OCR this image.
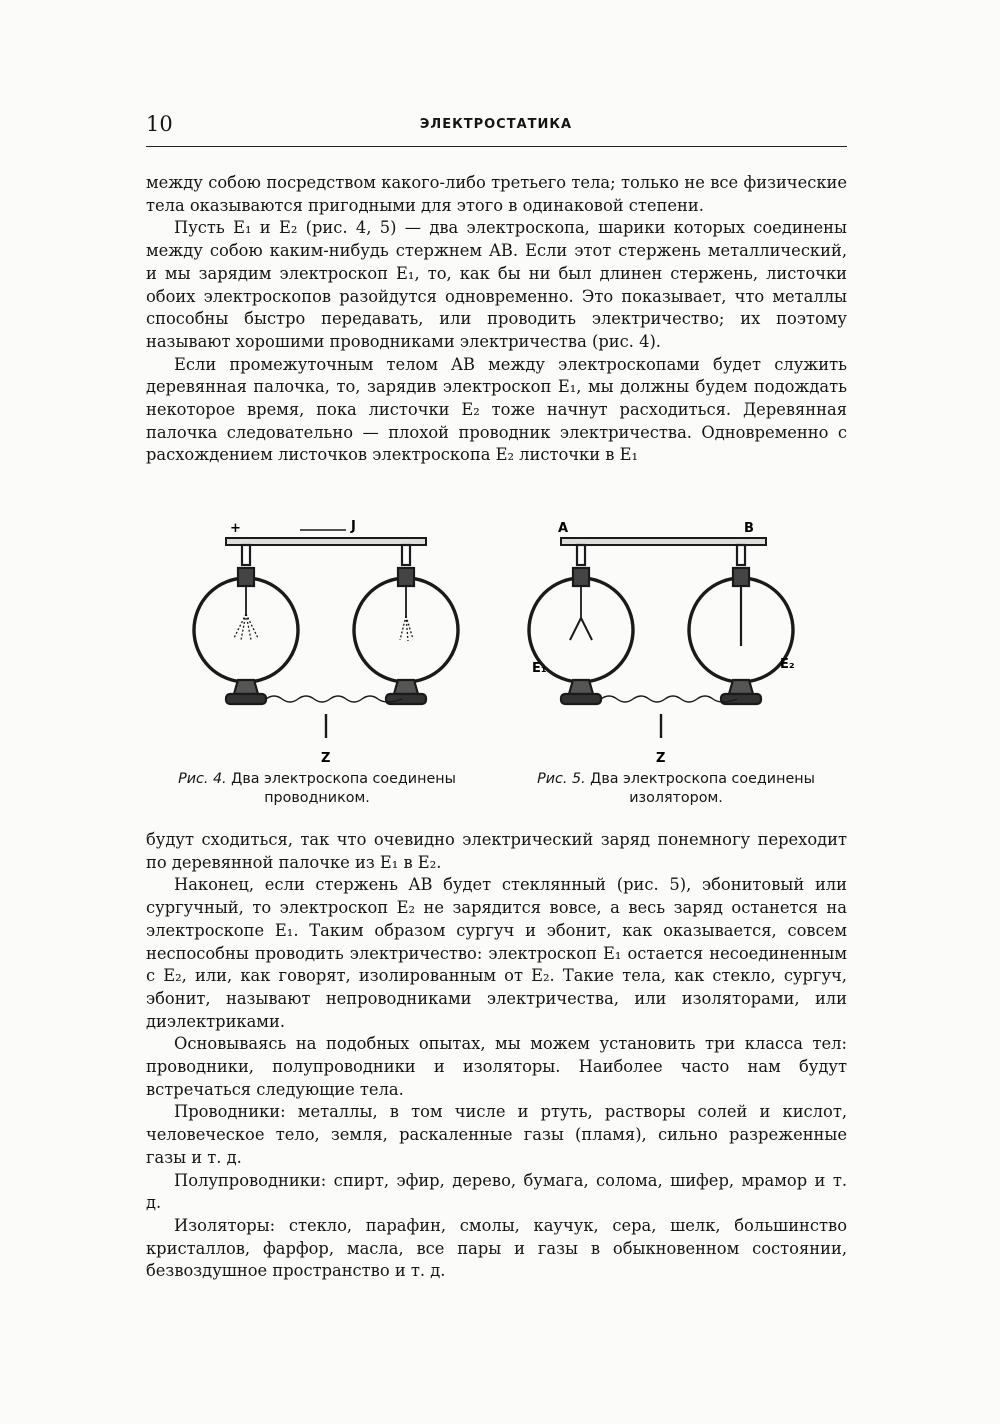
10	ЭЛЕКТРОСТАТИКА

между собою посредством какого-либо третьего тела; только не все физические тела оказываются пригодными для этого в одинаковой степени.

Пусть E₁ и E₂ (рис. 4, 5) — два электроскопа, шарики которых соединены между собою каким-нибудь стержнем AB. Если этот стержень металлический, и мы зарядим электроскоп E₁, то, как бы ни был длинен стержень, листочки обоих электроскопов разойдутся одновременно. Это показывает, что металлы способны быстро передавать, или проводить электричество; их поэтому называют хорошими проводниками электричества (рис. 4).

Если промежуточным телом AB между электроскопами будет служить деревянная палочка, то, зарядив электроскоп E₁, мы должны будем подождать некоторое время, пока листочки E₂ тоже начнут расходиться. Деревянная палочка следовательно — плохой проводник электричества. Одновременно с расхождением листочков электроскопа E₂ листочки в E₁

+	J
Z
A	B
E₁	E₂
Z
Рис. 4. Два электроскопа соединены проводником.
Рис. 5. Два электроскопа соединены изолятором.

будут сходиться, так что очевидно электрический заряд понемногу переходит по деревянной палочке из E₁ в E₂.

Наконец, если стержень AB будет стеклянный (рис. 5), эбонитовый или сургучный, то электроскоп E₂ не зарядится вовсе, а весь заряд останется на электроскопе E₁. Таким образом сургуч и эбонит, как оказывается, совсем неспособны проводить электричество: электроскоп E₁ остается несоединенным с E₂, или, как говорят, изолированным от E₂. Такие тела, как стекло, сургуч, эбонит, называют непроводниками электричества, или изоляторами, или диэлектриками.

Основываясь на подобных опытах, мы можем установить три класса тел: проводники, полупроводники и изоляторы. Наиболее часто нам будут встречаться следующие тела.

Проводники: металлы, в том числе и ртуть, растворы солей и кислот, человеческое тело, земля, раскаленные газы (пламя), сильно разреженные газы и т. д.

Полупроводники: спирт, эфир, дерево, бумага, солома, шифер, мрамор и т. д.

Изоляторы: стекло, парафин, смолы, каучук, сера, шелк, большинство кристаллов, фарфор, масла, все пары и газы в обыкновенном состоянии, безвоздушное пространство и т. д.
